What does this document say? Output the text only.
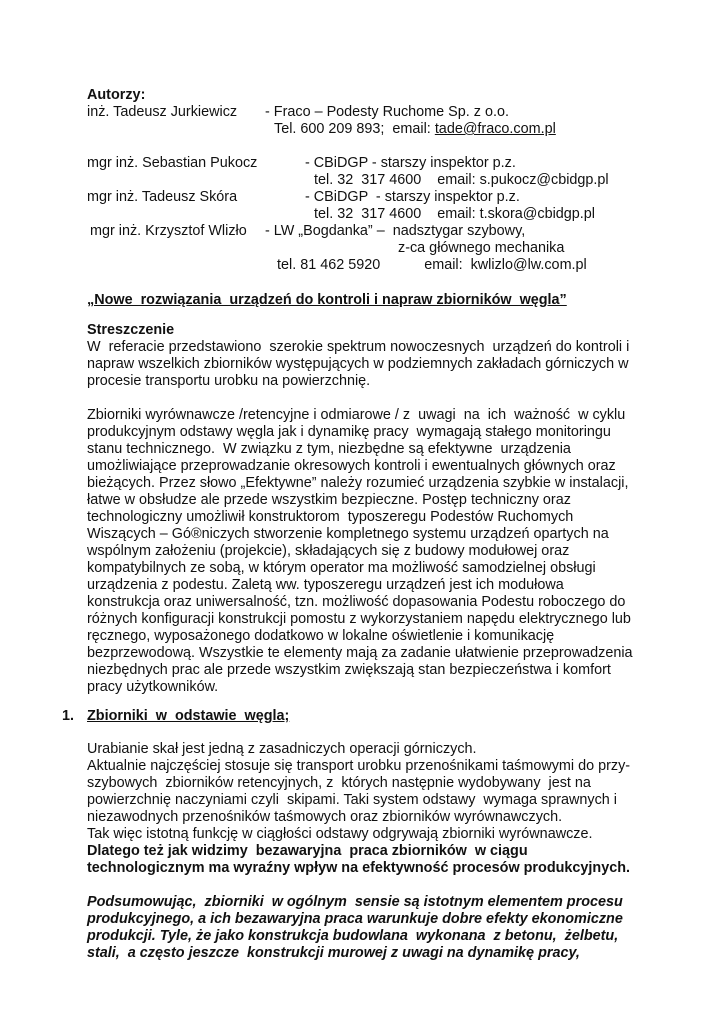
Autorzy:
inż. Tadeusz Jurkiewicz - Fraco – Podesty Ruchome Sp. z o.o.
Tel. 600 209 893;  email: tade@fraco.com.pl
mgr inż. Sebastian Pukocz	- CBiDGP - starszy inspektor p.z.
tel. 32  317 4600    email: s.pukocz@cbidgp.pl
mgr inż. Tadeusz Skóra	- CBiDGP  - starszy inspektor p.z.
tel. 32  317 4600    email: t.skora@cbidgp.pl
mgr inż. Krzysztof Wlizło - LW „Bogdanka” –  nadsztygar szybowy,
z-ca głównego mechanika
tel. 81 462 5920           email:  kwlizlo@lw.com.pl
„Nowe  rozwiązania  urządzeń do kontroli i napraw zbiorników  węgla”
Streszczenie
W  referacie przedstawiono  szerokie spektrum nowoczesnych  urządzeń do kontroli i
napraw wszelkich zbiorników występujących w podziemnych zakładach górniczych w
procesie transportu urobku na powierzchnię.
Zbiorniki wyrównawcze /retencyjne i odmiarowe / z  uwagi  na  ich  ważność  w cyklu
produkcyjnym odstawy węgla jak i dynamikę pracy  wymagają stałego monitoringu
stanu technicznego.  W związku z tym, niezbędne są efektywne  urządzenia
umożliwiające przeprowadzanie okresowych kontroli i ewentualnych głównych oraz
bieżących. Przez słowo „Efektywne” należy rozumieć urządzenia szybkie w instalacji,
łatwe w obsłudze ale przede wszystkim bezpieczne. Postęp techniczny oraz
technologiczny umożliwił konstruktorom  typoszeregu Podestów Ruchomych
Wiszących – Gó®niczych stworzenie kompletnego systemu urządzeń opartych na
wspólnym założeniu (projekcie), składających się z budowy modułowej oraz
kompatybilnych ze sobą, w którym operator ma możliwość samodzielnej obsługi
urządzenia z podestu. Zaletą ww. typoszeregu urządzeń jest ich modułowa
konstrukcja oraz uniwersalność, tzn. możliwość dopasowania Podestu roboczego do
różnych konfiguracji konstrukcji pomostu z wykorzystaniem napędu elektrycznego lub
ręcznego, wyposażonego dodatkowo w lokalne oświetlenie i komunikację
bezprzewodową. Wszystkie te elementy mają za zadanie ułatwienie przeprowadzenia
niezbędnych prac ale przede wszystkim zwiększają stan bezpieczeństwa i komfort
pracy użytkowników.
1. Zbiorniki  w  odstawie  węgla;
Urabianie skał jest jedną z zasadniczych operacji górniczych.
Aktualnie najczęściej stosuje się transport urobku przenośnikami taśmowymi do przy-
szybowych  zbiorników retencyjnych, z  których następnie wydobywany  jest na
powierzchnię naczyniami czyli  skipami. Taki system odstawy  wymaga sprawnych i
niezawodnych przenośników taśmowych oraz zbiorników wyrównawczych.
Tak więc istotną funkcję w ciągłości odstawy odgrywają zbiorniki wyrównawcze.
Dlatego też jak widzimy  bezawaryjna  praca zbiorników  w ciągu
technologicznym ma wyraźny wpływ na efektywność procesów produkcyjnych.
Podsumowując,  zbiorniki  w ogólnym  sensie są istotnym elementem procesu
produkcyjnego, a ich bezawaryjna praca warunkuje dobre efekty ekonomiczne
produkcji. Tyle, że jako konstrukcja budowlana  wykonana  z betonu,  żelbetu,
stali,  a często jeszcze  konstrukcji murowej z uwagi na dynamikę pracy,
